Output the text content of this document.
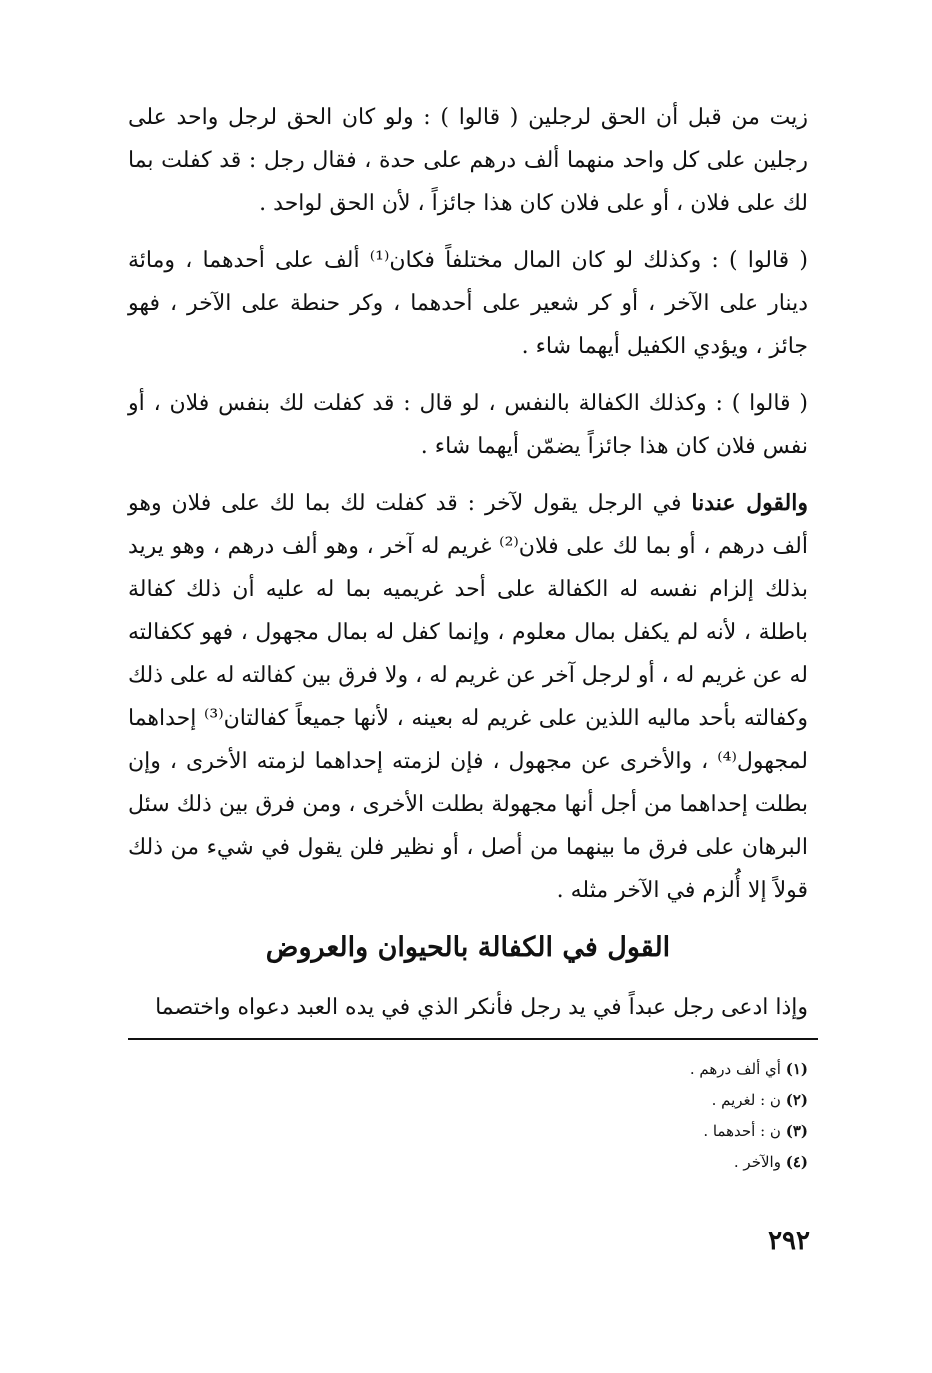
زيت من قبل أن الحق لرجلين ( قالوا ) : ولو كان الحق لرجل واحد على رجلين على كل واحد منهما ألف درهم على حدة ، فقال رجل : قد كفلت بما لك على فلان ، أو على فلان كان هذا جائزاً ، لأن الحق لواحد .

( قالوا ) : وكذلك لو كان المال مختلفاً فكان⁽¹⁾ ألف على أحدهما ، ومائة دينار على الآخر ، أو كر شعير على أحدهما ، وكر حنطة على الآخر ، فهو جائز ، ويؤدي الكفيل أيهما شاء .

( قالوا ) : وكذلك الكفالة بالنفس ، لو قال : قد كفلت لك بنفس فلان ، أو نفس فلان كان هذا جائزاً يضمّن أيهما شاء .

والقول عندنا في الرجل يقول لآخر : قد كفلت لك بما لك على فلان وهو ألف درهم ، أو بما لك على فلان⁽²⁾ غريم له آخر ، وهو ألف درهم ، وهو يريد بذلك إلزام نفسه له الكفالة على أحد غريميه بما له عليه أن ذلك كفالة باطلة ، لأنه لم يكفل بمال معلوم ، وإنما كفل له بمال مجهول ، فهو ككفالته له عن غريم له ، أو لرجل آخر عن غريم له ، ولا فرق بين كفالته له على ذلك وكفالته بأحد ماليه اللذين على غريم له بعينه ، لأنها جميعاً كفالتان⁽³⁾ إحداهما لمجهول⁽⁴⁾ ، والأخرى عن مجهول ، فإن لزمته إحداهما لزمته الأخرى ، وإن بطلت إحداهما من أجل أنها مجهولة بطلت الأخرى ، ومن فرق بين ذلك سئل البرهان على فرق ما بينهما من أصل ، أو نظير فلن يقول في شيء من ذلك قولاً إلا أُلزم في الآخر مثله .

القول في الكفالة بالحيوان والعروض

وإذا ادعى رجل عبداً في يد رجل فأنكر الذي في يده العبد دعواه واختصما

(١) أي ألف درهم .
(٢) ن : لغريم .
(٣) ن : أحدهما .
(٤) والآخر .
٢٩٢
